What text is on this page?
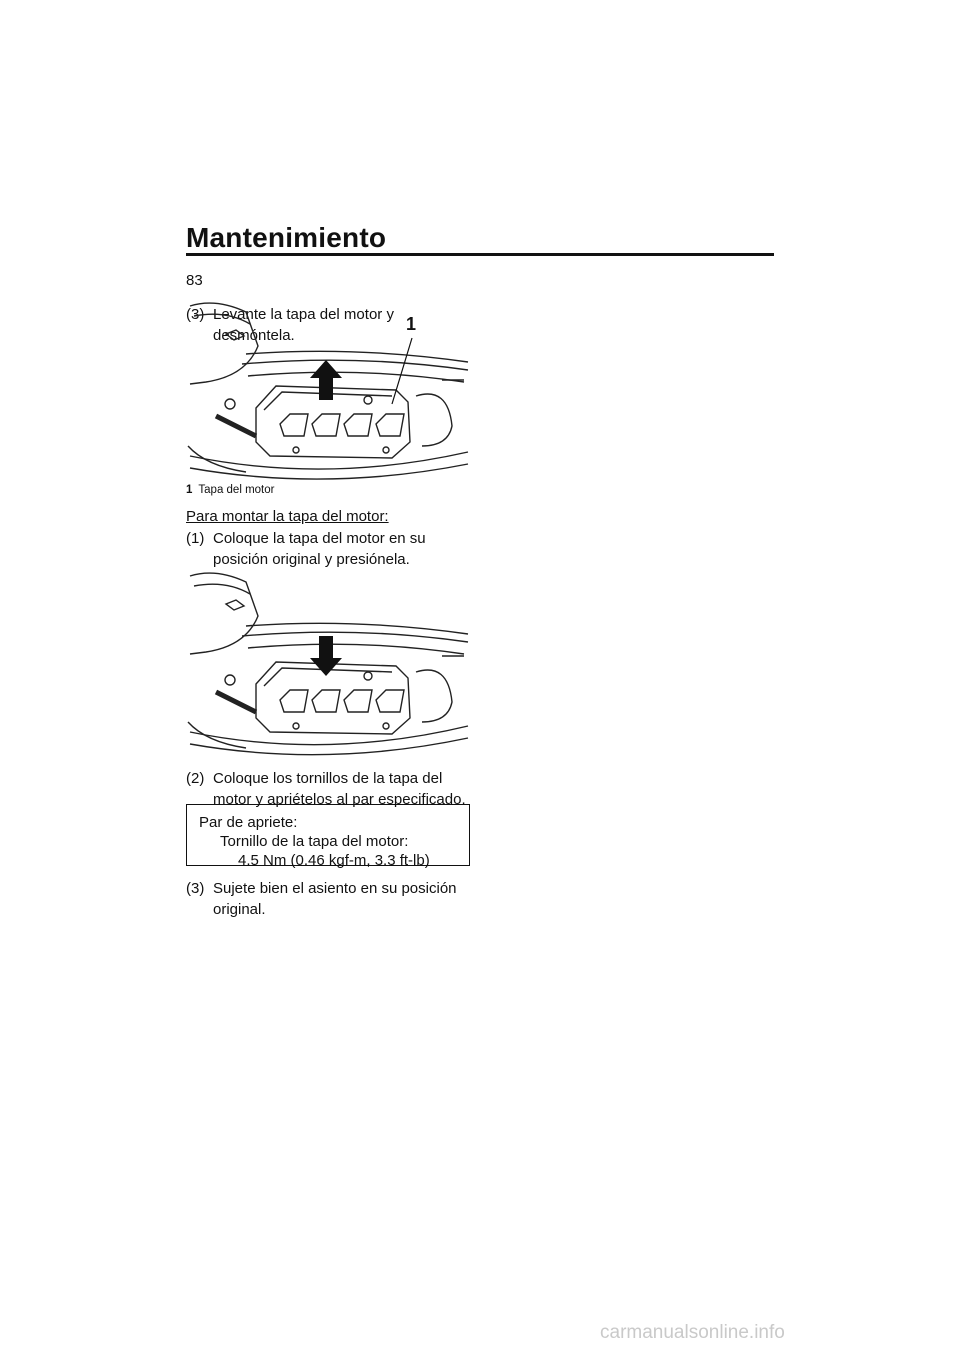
Mantenimiento
83
(3) Levante la tapa del motor y desmóntela.
1
1 Tapa del motor
Para montar la tapa del motor:
(1) Coloque la tapa del motor en su posición original y presiónela.
(2) Coloque los tornillos de la tapa del motor y apriételos al par especificado.
Par de apriete:
Tornillo de la tapa del motor:
4.5 Nm (0.46 kgf-m, 3.3 ft-lb)
(3) Sujete bien el asiento en su posición original.
carmanualsonline.info
